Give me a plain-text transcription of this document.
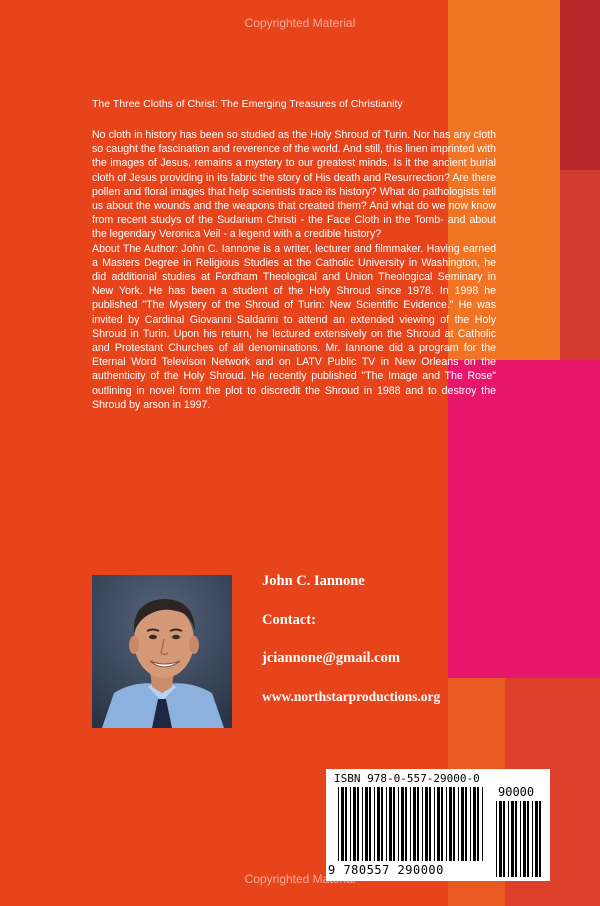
Copyrighted Material
The Three Cloths of Christ: The Emerging Treasures of Christianity

No cloth in history has been so studied as the Holy Shroud of Turin. Nor has any cloth so caught the fascination and reverence of the world. And still, this linen imprinted with the images of Jesus, remains a mystery to our greatest minds. Is it the ancient burial cloth of Jesus providing in its fabric the story of His death and Resurrection? Are there pollen and floral images that help scientists trace its history? What do pathologists tell us about the wounds and the weapons that created them? And what do we now know from recent studys of the Sudarium Christi - the Face Cloth in the Tomb- and about the legendary Veronica Veil - a legend with a credible history?

About The Author: John C. Iannone is a writer, lecturer and filmmaker. Having earned a Masters Degree in Religious Studies at the Catholic University in Washington, he did additional studies at Fordham Theological and Union Theological Seminary in New York. He has been a student of the Holy Shroud since 1978. In 1998 he published "The Mystery of the Shroud of Turin: New Scientific Evidence." He was invited by Cardinal Giovanni Saldarini to attend an extended viewing of the Holy Shroud in Turin. Upon his return, he lectured extensively on the Shroud at Catholic and Protestant Churches of all denominations. Mr. Iannone did a program for the Eternal Word Televison Network and on LATV Public TV in New Orleans on the authenticity of the Holy Shroud. He recently published "The Image and The Rose" outlining in novel form the plot to discredit the Shroud in 1988 and to destroy the Shroud by arson in 1997.

John C. Iannone
Contact:
jciannone@gmail.com
www.northstarproductions.org
ISBN 978-0-557-29000-0
90000
9 780557 290000
Copyrighted Material
